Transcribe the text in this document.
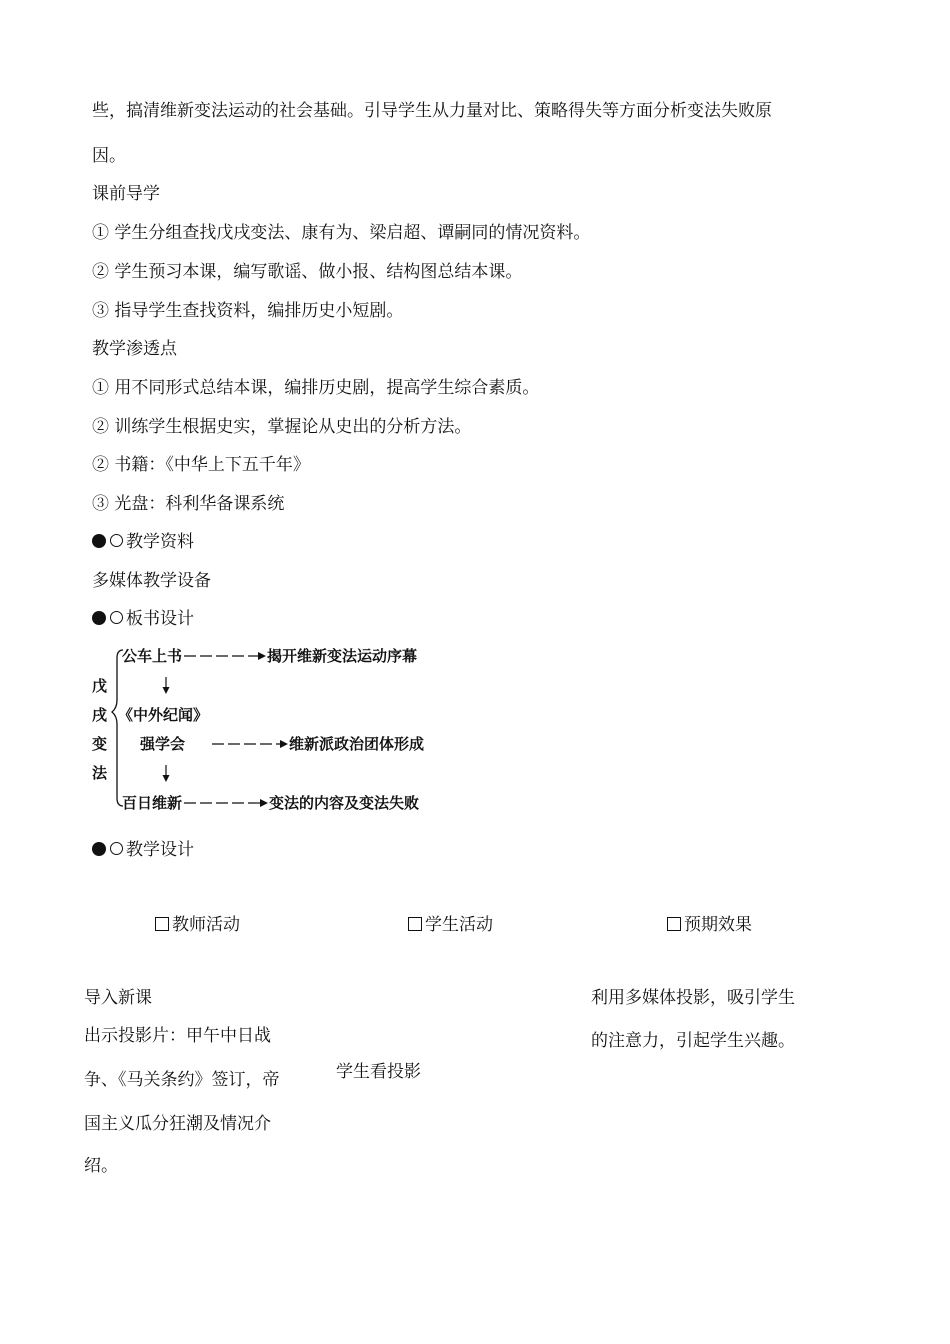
些，搞清维新变法运动的社会基础。引导学生从力量对比、策略得失等方面分析变法失败原
因。
课前导学
① 学生分组查找戊戌变法、康有为、梁启超、谭嗣同的情况资料。
② 学生预习本课，编写歌谣、做小报、结构图总结本课。
③ 指导学生查找资料，编排历史小短剧。
教学渗透点
① 用不同形式总结本课，编排历史剧，提高学生综合素质。
② 训练学生根据史实，掌握论从史出的分析方法。
② 书籍：《中华上下五千年》
③ 光盘：科利华备课系统
教学资料
多媒体教学设备
板书设计
戊
戌
变
法
公车上书	揭开维新变法运动序幕
《中外纪闻》
强学会	维新派政治团体形成
百日维新	变法的内容及变法失败
教学设计
教师活动	学生活动	预期效果
导入新课
出示投影片：甲午中日战
争、《马关条约》签订，帝
国主义瓜分狂潮及情况介
绍。
学生看投影
利用多媒体投影，吸引学生
的注意力，引起学生兴趣。
